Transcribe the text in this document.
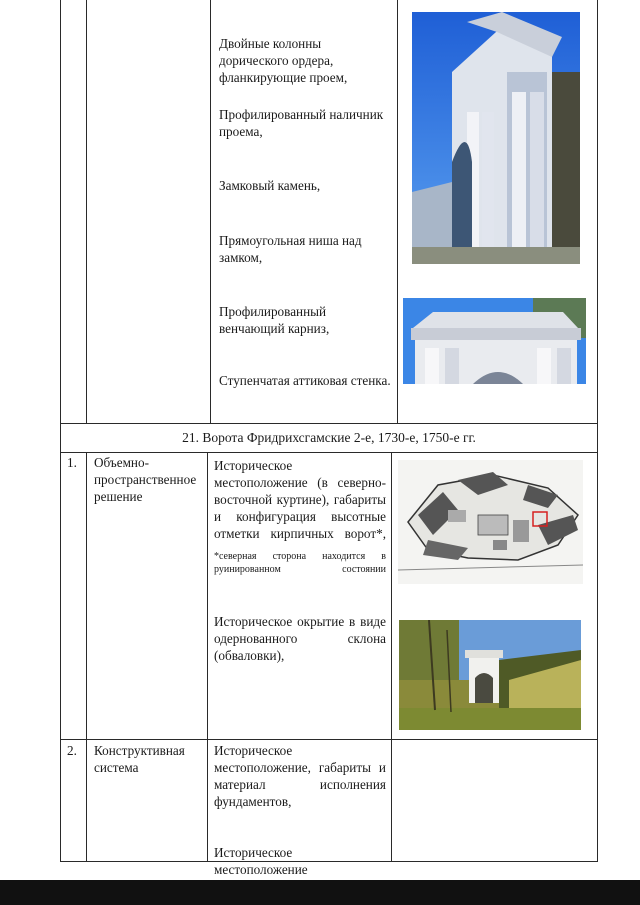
Двойные колонны дорического ордера, фланкирующие проем,
Профилированный наличник проема,
Замковый камень,
Прямоугольная ниша над замком,
Профилированный венчающий карниз,
Ступенчатая аттиковая стенка.
21. Ворота Фридрихсгамские 2-е, 1730-е, 1750-е гг.
1. Объемно-пространственное решение
Историческое местоположение (в северно-восточной куртине), габариты и конфигурация высотные отметки кирпичных ворот*,
*северная сторона находится в руинированном состоянии
Историческое окрытие в виде одернованного склона (обваловки),
2. Конструктивная система
Историческое местоположение, габариты и материал исполнения фундаментов,
Историческое местоположение
